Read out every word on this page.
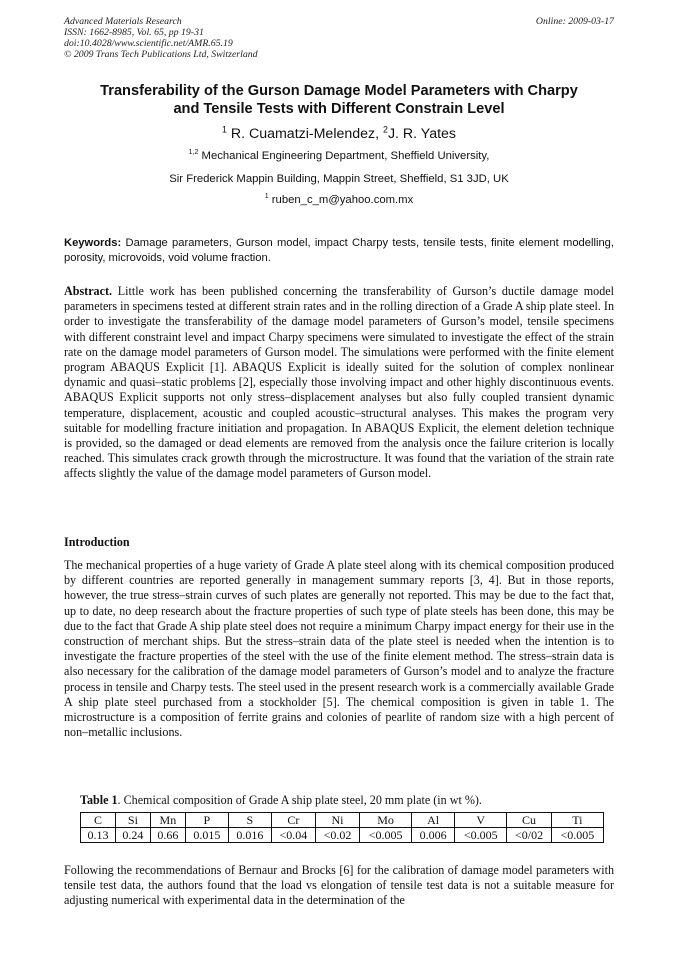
Advanced Materials Research
ISSN: 1662-8985, Vol. 65, pp 19-31
doi:10.4028/www.scientific.net/AMR.65.19
© 2009 Trans Tech Publications Ltd, Switzerland
Online: 2009-03-17
Transferability of the Gurson Damage Model Parameters with Charpy
and Tensile Tests with Different Constrain Level
$^1$ R. Cuamatzi-Melendez, $^2$J. R. Yates
$^{1,2}$ Mechanical Engineering Department, Sheffield University,
Sir Frederick Mappin Building, Mappin Street, Sheffield, S1 3JD, UK
$^1$ ruben_c_m@yahoo.com.mx
Keywords: Damage parameters, Gurson model, impact Charpy tests, tensile tests, finite element modelling, porosity, microvoids, void volume fraction.
Abstract. Little work has been published concerning the transferability of Gurson’s ductile damage model parameters in specimens tested at different strain rates and in the rolling direction of a Grade A ship plate steel. In order to investigate the transferability of the damage model parameters of Gurson’s model, tensile specimens with different constraint level and impact Charpy specimens were simulated to investigate the effect of the strain rate on the damage model parameters of Gurson model. The simulations were performed with the finite element program ABAQUS Explicit [1]. ABAQUS Explicit is ideally suited for the solution of complex nonlinear dynamic and quasi–static problems [2], especially those involving impact and other highly discontinuous events. ABAQUS Explicit supports not only stress–displacement analyses but also fully coupled transient dynamic temperature, displacement, acoustic and coupled acoustic–structural analyses. This makes the program very suitable for modelling fracture initiation and propagation. In ABAQUS Explicit, the element deletion technique is provided, so the damaged or dead elements are removed from the analysis once the failure criterion is locally reached. This simulates crack growth through the microstructure. It was found that the variation of the strain rate affects slightly the value of the damage model parameters of Gurson model.
Introduction
The mechanical properties of a huge variety of Grade A plate steel along with its chemical composition produced by different countries are reported generally in management summary reports [3, 4]. But in those reports, however, the true stress–strain curves of such plates are generally not reported. This may be due to the fact that, up to date, no deep research about the fracture properties of such type of plate steels has been done, this may be due to the fact that Grade A ship plate steel does not require a minimum Charpy impact energy for their use in the construction of merchant ships. But the stress–strain data of the plate steel is needed when the intention is to investigate the fracture properties of the steel with the use of the finite element method. The stress–strain data is also necessary for the calibration of the damage model parameters of Gurson’s model and to analyze the fracture process in tensile and Charpy tests. The steel used in the present research work is a commercially available Grade A ship plate steel purchased from a stockholder [5]. The chemical composition is given in table 1. The microstructure is a composition of ferrite grains and colonies of pearlite of random size with a high percent of non–metallic inclusions.
Table 1. Chemical composition of Grade A ship plate steel, 20 mm plate (in wt %).
C	Si	Mn	P	S	Cr	Ni	Mo	Al	V	Cu	Ti
0.13	0.24	0.66	0.015	0.016	<0.04	<0.02	<0.005	0.006	<0.005	<0/02	<0.005
Following the recommendations of Bernaur and Brocks [6] for the calibration of damage model parameters with tensile test data, the authors found that the load vs elongation of tensile test data is not a suitable measure for adjusting numerical with experimental data in the determination of the
